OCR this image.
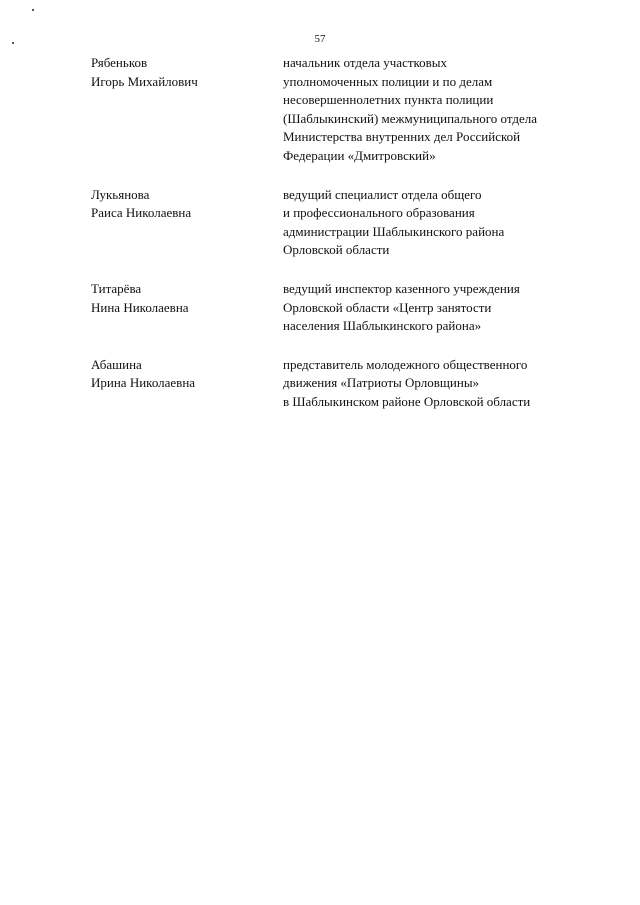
57
Рябеньков
Игорь Михайлович
начальник отдела участковых
уполномоченных полиции и по делам
несовершеннолетних пункта полиции
(Шаблыкинский) межмуниципального отдела
Министерства внутренних дел Российской
Федерации «Дмитровский»
Лукьянова
Раиса Николаевна
ведущий специалист отдела общего
и профессионального образования
администрации Шаблыкинского района
Орловской области
Титарёва
Нина Николаевна
ведущий инспектор казенного учреждения
Орловской области «Центр занятости
населения Шаблыкинского района»
Абашина
Ирина Николаевна
представитель молодежного общественного
движения «Патриоты Орловщины»
в Шаблыкинском районе Орловской области
